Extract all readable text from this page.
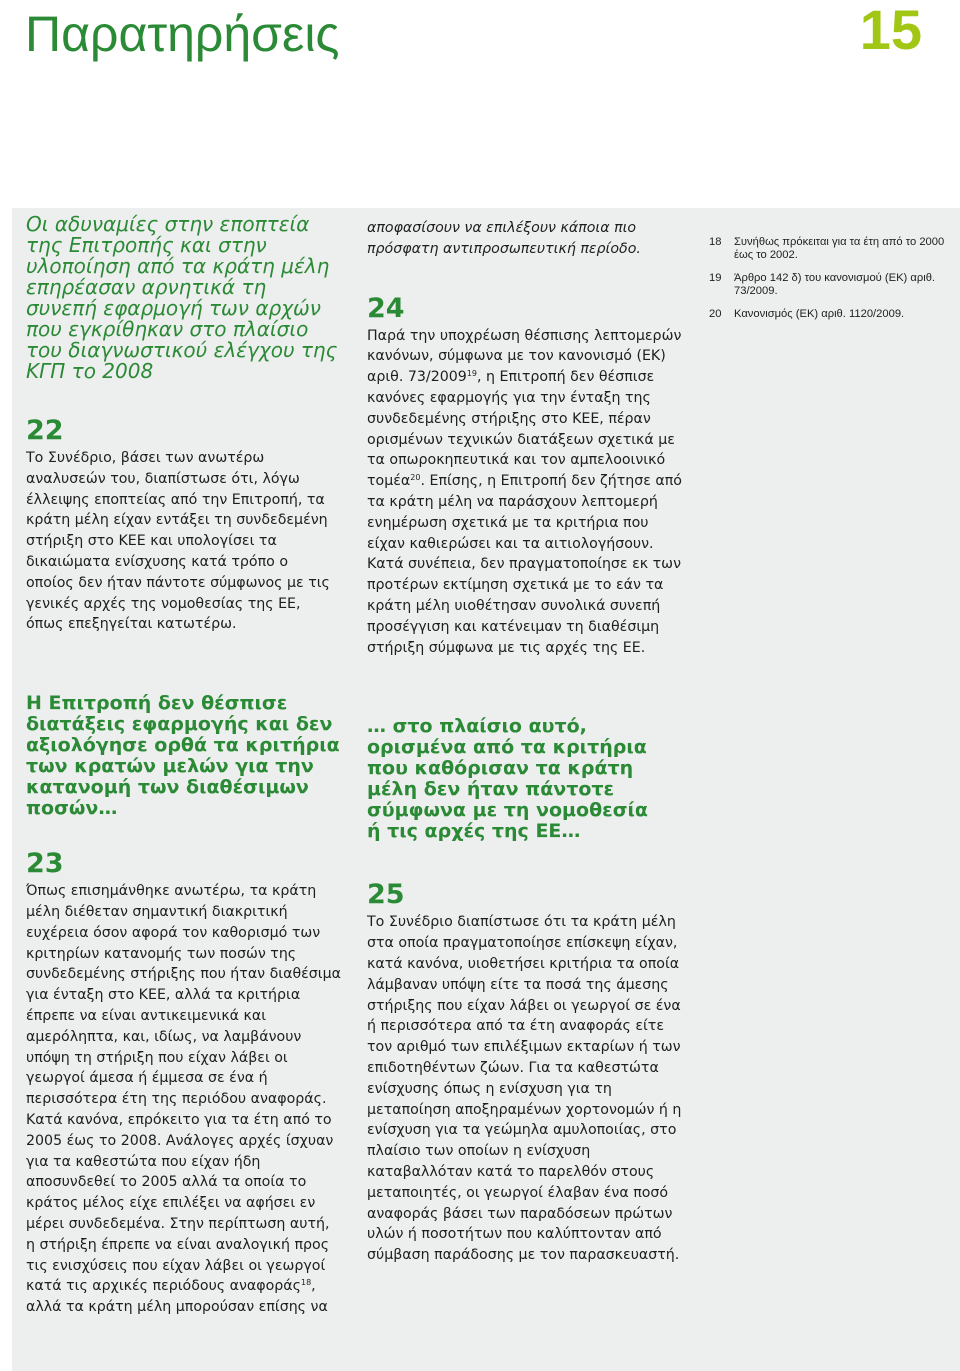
Παρατηρήσεις	15

Οι αδυναμίες στην εποπτεία της Επιτροπής και στην υλοποίηση από τα κράτη μέλη επηρέασαν αρνητικά τη συνεπή εφαρμογή των αρχών που εγκρίθηκαν στο πλαίσιο του διαγνωστικού ελέγχου της ΚΓΠ το 2008

22

Το Συνέδριο, βάσει των ανωτέρω αναλυσεών του, διαπίστωσε ότι, λόγω έλλειψης εποπτείας από την Επιτροπή, τα κράτη μέλη είχαν εντάξει τη συνδεδεμένη στήριξη στο ΚΕΕ και υπολογίσει τα δικαιώματα ενίσχυσης κατά τρόπο ο οποίος δεν ήταν πάντοτε σύμφωνος με τις γενικές αρχές της νομοθεσίας της ΕΕ, όπως επεξηγείται κατωτέρω.

Η Επιτροπή δεν θέσπισε διατάξεις εφαρμογής και δεν αξιολόγησε ορθά τα κριτήρια των κρατών μελών για την κατανομή των διαθέσιμων ποσών…

23

Όπως επισημάνθηκε ανωτέρω, τα κράτη μέλη διέθεταν σημαντική διακριτική ευχέρεια όσον αφορά τον καθορισμό των κριτηρίων κατανομής των ποσών της συνδεδεμένης στήριξης που ήταν διαθέσιμα για ένταξη στο ΚΕΕ, αλλά τα κριτήρια έπρεπε να είναι αντικειμενικά και αμερόληπτα, και, ιδίως, να λαμβάνουν υπόψη τη στήριξη που είχαν λάβει οι γεωργοί άμεσα ή έμμεσα σε ένα ή περισσότερα έτη της περιόδου αναφοράς. Κατά κανόνα, επρόκειτο για τα έτη από το 2005 έως το 2008. Ανάλογες αρχές ίσχυαν για τα καθεστώτα που είχαν ήδη αποσυνδεθεί το 2005 αλλά τα οποία το κράτος μέλος είχε επιλέξει να αφήσει εν μέρει συνδεδεμένα. Στην περίπτωση αυτή, η στήριξη έπρεπε να είναι αναλογική προς τις ενισχύσεις που είχαν λάβει οι γεωργοί κατά τις αρχικές περιόδους αναφοράς$^{18}$, αλλά τα κράτη μέλη μπορούσαν επίσης να

αποφασίσουν να επιλέξουν κάποια πιο πρόσφατη αντιπροσωπευτική περίοδο.

24

Παρά την υποχρέωση θέσπισης λεπτομερών κανόνων, σύμφωνα με τον κανονισμό (ΕΚ) αριθ. 73/2009$^{19}$, η Επιτροπή δεν θέσπισε κανόνες εφαρμογής για την ένταξη της συνδεδεμένης στήριξης στο ΚΕΕ, πέραν ορισμένων τεχνικών διατάξεων σχετικά με τα οπωροκηπευτικά και τον αμπελοοινικό τομέα$^{20}$. Επίσης, η Επιτροπή δεν ζήτησε από τα κράτη μέλη να παράσχουν λεπτομερή ενημέρωση σχετικά με τα κριτήρια που είχαν καθιερώσει και τα αιτιολογήσουν. Κατά συνέπεια, δεν πραγματοποίησε εκ των προτέρων εκτίμηση σχετικά με το εάν τα κράτη μέλη υιοθέτησαν συνολικά συνεπή προσέγγιση και κατένειμαν τη διαθέσιμη στήριξη σύμφωνα με τις αρχές της ΕΕ.

… στο πλαίσιο αυτό, ορισμένα από τα κριτήρια που καθόρισαν τα κράτη μέλη δεν ήταν πάντοτε σύμφωνα με τη νομοθεσία ή τις αρχές της ΕΕ…

25

Το Συνέδριο διαπίστωσε ότι τα κράτη μέλη στα οποία πραγματοποίησε επίσκεψη είχαν, κατά κανόνα, υιοθετήσει κριτήρια τα οποία λάμβαναν υπόψη είτε τα ποσά της άμεσης στήριξης που είχαν λάβει οι γεωργοί σε ένα ή περισσότερα από τα έτη αναφοράς είτε τον αριθμό των επιλέξιμων εκταρίων ή των επιδοτηθέντων ζώων. Για τα καθεστώτα ενίσχυσης όπως η ενίσχυση για τη μεταποίηση αποξηραμένων χορτονομών ή η ενίσχυση για τα γεώμηλα αμυλοποιίας, στο πλαίσιο των οποίων η ενίσχυση καταβαλλόταν κατά το παρελθόν στους μεταποιητές, οι γεωργοί έλαβαν ένα ποσό αναφοράς βάσει των παραδόσεων πρώτων υλών ή ποσοτήτων που καλύπτονταν από σύμβαση παράδοσης με τον παρασκευαστή.

18	Συνήθως πρόκειται για τα έτη από το 2000 έως το 2002.
19	Άρθρο 142 δ) του κανονισμού (ΕΚ) αριθ. 73/2009.
20	Κανονισμός (ΕΚ) αριθ. 1120/2009.
